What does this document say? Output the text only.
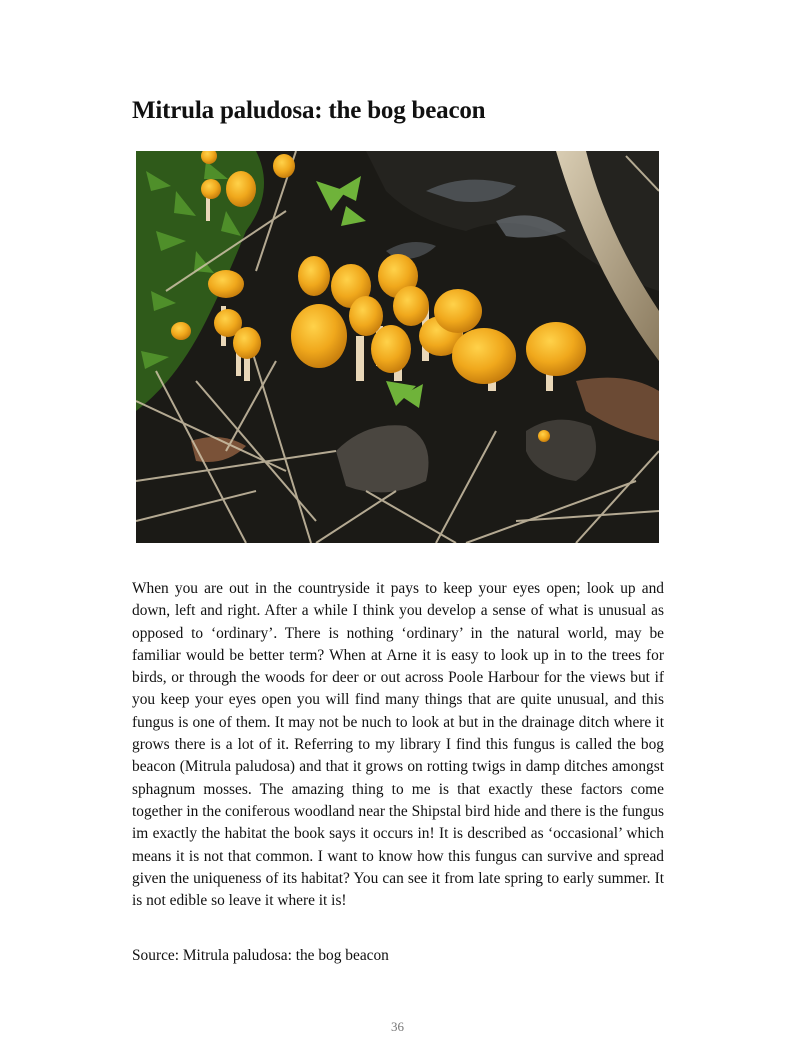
Mitrula paludosa: the bog beacon

When you are out in the countryside it pays to keep your eyes open; look up and down, left and right. After a while I think you develop a sense of what is unusual as opposed to ‘ordinary’. There is nothing ‘ordinary’ in the natural world, may be familiar would be better term? When at Arne it is easy to look up in to the trees for birds, or through the woods for deer or out across Poole Harbour for the views but if you keep your eyes open you will find many things that are quite unusual, and this fungus is one of them. It may not be nuch to look at but in the drainage ditch where it grows there is a lot of it. Referring to my library I find this fungus is called the bog beacon (Mitrula paludosa) and that it grows on rotting twigs in damp ditches amongst sphagnum mosses. The amazing thing to me is that exactly these factors come together in the coniferous woodland near the Shipstal bird hide and there is the fungus im exactly the habitat the book says it occurs in! It is described as ‘occasional’ which means it is not that common. I want to know how this fungus can survive and spread given the uniqueness of its habitat? You can see it from late spring to early summer. It is not edible so leave it where it is!

Source: Mitrula paludosa: the bog beacon

36
